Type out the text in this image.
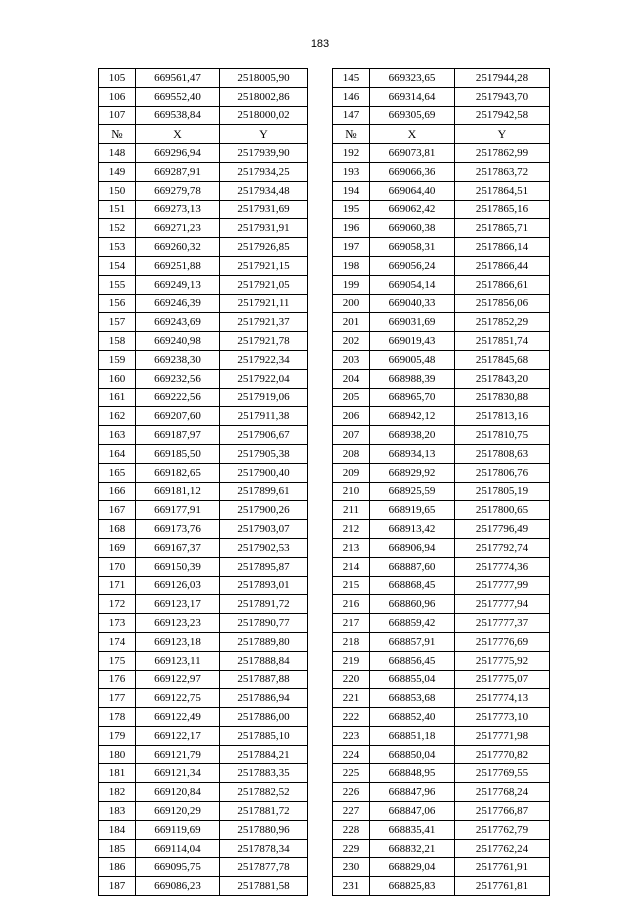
183
105	669561,47	2518005,90
106	669552,40	2518002,86
107	669538,84	2518000,02
№	X	Y
148	669296,94	2517939,90
149	669287,91	2517934,25
150	669279,78	2517934,48
151	669273,13	2517931,69
152	669271,23	2517931,91
153	669260,32	2517926,85
154	669251,88	2517921,15
155	669249,13	2517921,05
156	669246,39	2517921,11
157	669243,69	2517921,37
158	669240,98	2517921,78
159	669238,30	2517922,34
160	669232,56	2517922,04
161	669222,56	2517919,06
162	669207,60	2517911,38
163	669187,97	2517906,67
164	669185,50	2517905,38
165	669182,65	2517900,40
166	669181,12	2517899,61
167	669177,91	2517900,26
168	669173,76	2517903,07
169	669167,37	2517902,53
170	669150,39	2517895,87
171	669126,03	2517893,01
172	669123,17	2517891,72
173	669123,23	2517890,77
174	669123,18	2517889,80
175	669123,11	2517888,84
176	669122,97	2517887,88
177	669122,75	2517886,94
178	669122,49	2517886,00
179	669122,17	2517885,10
180	669121,79	2517884,21
181	669121,34	2517883,35
182	669120,84	2517882,52
183	669120,29	2517881,72
184	669119,69	2517880,96
185	669114,04	2517878,34
186	669095,75	2517877,78
187	669086,23	2517881,58
145	669323,65	2517944,28
146	669314,64	2517943,70
147	669305,69	2517942,58
№	X	Y
192	669073,81	2517862,99
193	669066,36	2517863,72
194	669064,40	2517864,51
195	669062,42	2517865,16
196	669060,38	2517865,71
197	669058,31	2517866,14
198	669056,24	2517866,44
199	669054,14	2517866,61
200	669040,33	2517856,06
201	669031,69	2517852,29
202	669019,43	2517851,74
203	669005,48	2517845,68
204	668988,39	2517843,20
205	668965,70	2517830,88
206	668942,12	2517813,16
207	668938,20	2517810,75
208	668934,13	2517808,63
209	668929,92	2517806,76
210	668925,59	2517805,19
211	668919,65	2517800,65
212	668913,42	2517796,49
213	668906,94	2517792,74
214	668887,60	2517774,36
215	668868,45	2517777,99
216	668860,96	2517777,94
217	668859,42	2517777,37
218	668857,91	2517776,69
219	668856,45	2517775,92
220	668855,04	2517775,07
221	668853,68	2517774,13
222	668852,40	2517773,10
223	668851,18	2517771,98
224	668850,04	2517770,82
225	668848,95	2517769,55
226	668847,96	2517768,24
227	668847,06	2517766,87
228	668835,41	2517762,79
229	668832,21	2517762,24
230	668829,04	2517761,91
231	668825,83	2517761,81
